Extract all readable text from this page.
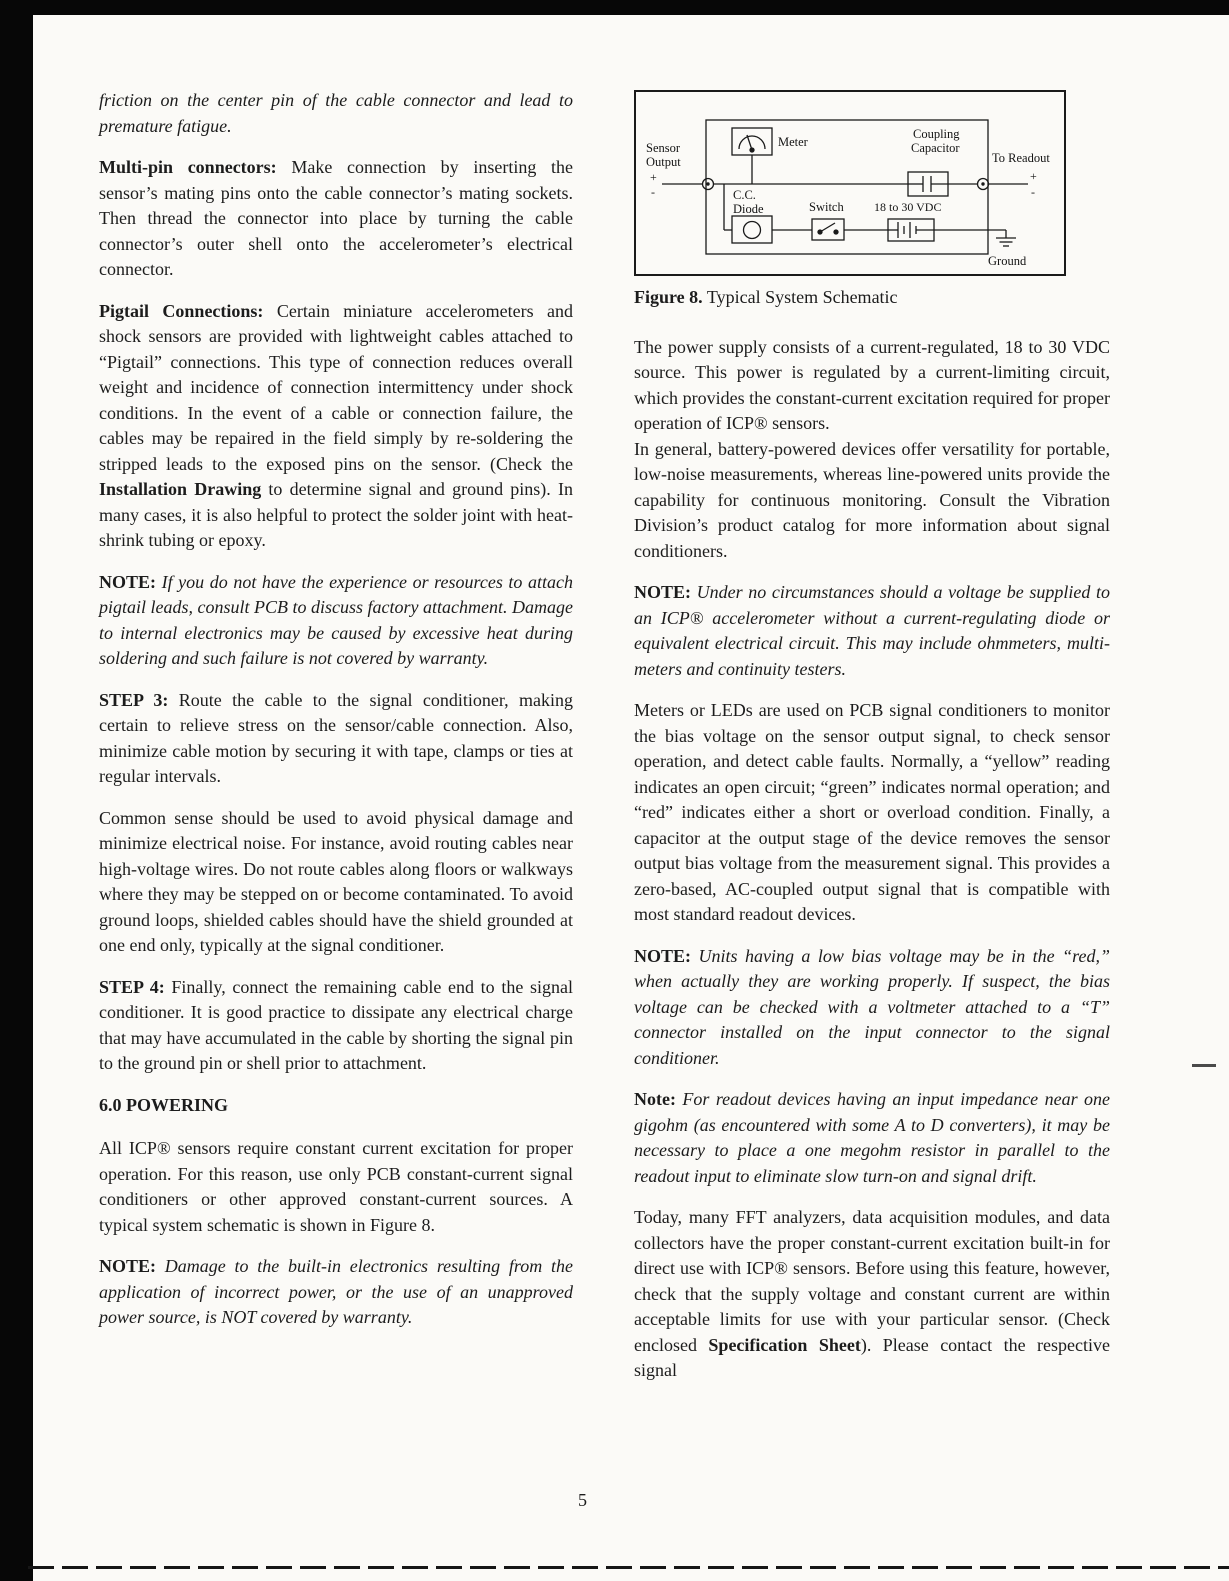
friction on the center pin of the cable connector and lead to premature fatigue.

Multi-pin connectors: Make connection by inserting the sensor’s mating pins onto the cable connector’s mating sockets. Then thread the connector into place by turning the cable connector’s outer shell onto the accelerometer’s electrical connector.

Pigtail Connections: Certain miniature accelerometers and shock sensors are provided with lightweight cables attached to “Pigtail” connections. This type of connection reduces overall weight and incidence of connection intermittency under shock conditions. In the event of a cable or connection failure, the cables may be repaired in the field simply by re-soldering the stripped leads to the exposed pins on the sensor. (Check the Installation Drawing to determine signal and ground pins). In many cases, it is also helpful to protect the solder joint with heat-shrink tubing or epoxy.

NOTE: If you do not have the experience or resources to attach pigtail leads, consult PCB to discuss factory attachment. Damage to internal electronics may be caused by excessive heat during soldering and such failure is not covered by warranty.

STEP 3: Route the cable to the signal conditioner, making certain to relieve stress on the sensor/cable connection. Also, minimize cable motion by securing it with tape, clamps or ties at regular intervals.

Common sense should be used to avoid physical damage and minimize electrical noise. For instance, avoid routing cables near high-voltage wires. Do not route cables along floors or walkways where they may be stepped on or become contaminated. To avoid ground loops, shielded cables should have the shield grounded at one end only, typically at the signal conditioner.

STEP 4: Finally, connect the remaining cable end to the signal conditioner. It is good practice to dissipate any electrical charge that may have accumulated in the cable by shorting the signal pin to the ground pin or shell prior to attachment.

6.0 POWERING

All ICP® sensors require constant current excitation for proper operation. For this reason, use only PCB constant-current signal conditioners or other approved constant-current sources. A typical system schematic is shown in Figure 8.

NOTE: Damage to the built-in electronics resulting from the application of incorrect power, or the use of an unapproved power source, is NOT covered by warranty.

Sensor
Output
+
-
Meter
Coupling
Capacitor
To Readout
+
-
C.C.
Diode	Switch	18 to 30 VDC
Ground

Figure 8. Typical System Schematic

The power supply consists of a current-regulated, 18 to 30 VDC source. This power is regulated by a current-limiting circuit, which provides the constant-current excitation required for proper operation of ICP® sensors.
In general, battery-powered devices offer versatility for portable, low-noise measurements, whereas line-powered units provide the capability for continuous monitoring. Consult the Vibration Division’s product catalog for more information about signal conditioners.

NOTE: Under no circumstances should a voltage be supplied to an ICP® accelerometer without a current-regulating diode or equivalent electrical circuit. This may include ohmmeters, multi-meters and continuity testers.

Meters or LEDs are used on PCB signal conditioners to monitor the bias voltage on the sensor output signal, to check sensor operation, and detect cable faults. Normally, a “yellow” reading indicates an open circuit; “green” indicates normal operation; and “red” indicates either a short or overload condition. Finally, a capacitor at the output stage of the device removes the sensor output bias voltage from the measurement signal. This provides a zero-based, AC-coupled output signal that is compatible with most standard readout devices.

NOTE: Units having a low bias voltage may be in the “red,” when actually they are working properly. If suspect, the bias voltage can be checked with a voltmeter attached to a “T” connector installed on the input connector to the signal conditioner.

Note: For readout devices having an input impedance near one gigohm (as encountered with some A to D converters), it may be necessary to place a one megohm resistor in parallel to the readout input to eliminate slow turn-on and signal drift.

Today, many FFT analyzers, data acquisition modules, and data collectors have the proper constant-current excitation built-in for direct use with ICP® sensors. Before using this feature, however, check that the supply voltage and constant current are within acceptable limits for use with your particular sensor. (Check enclosed Specification Sheet). Please contact the respective signal

5
